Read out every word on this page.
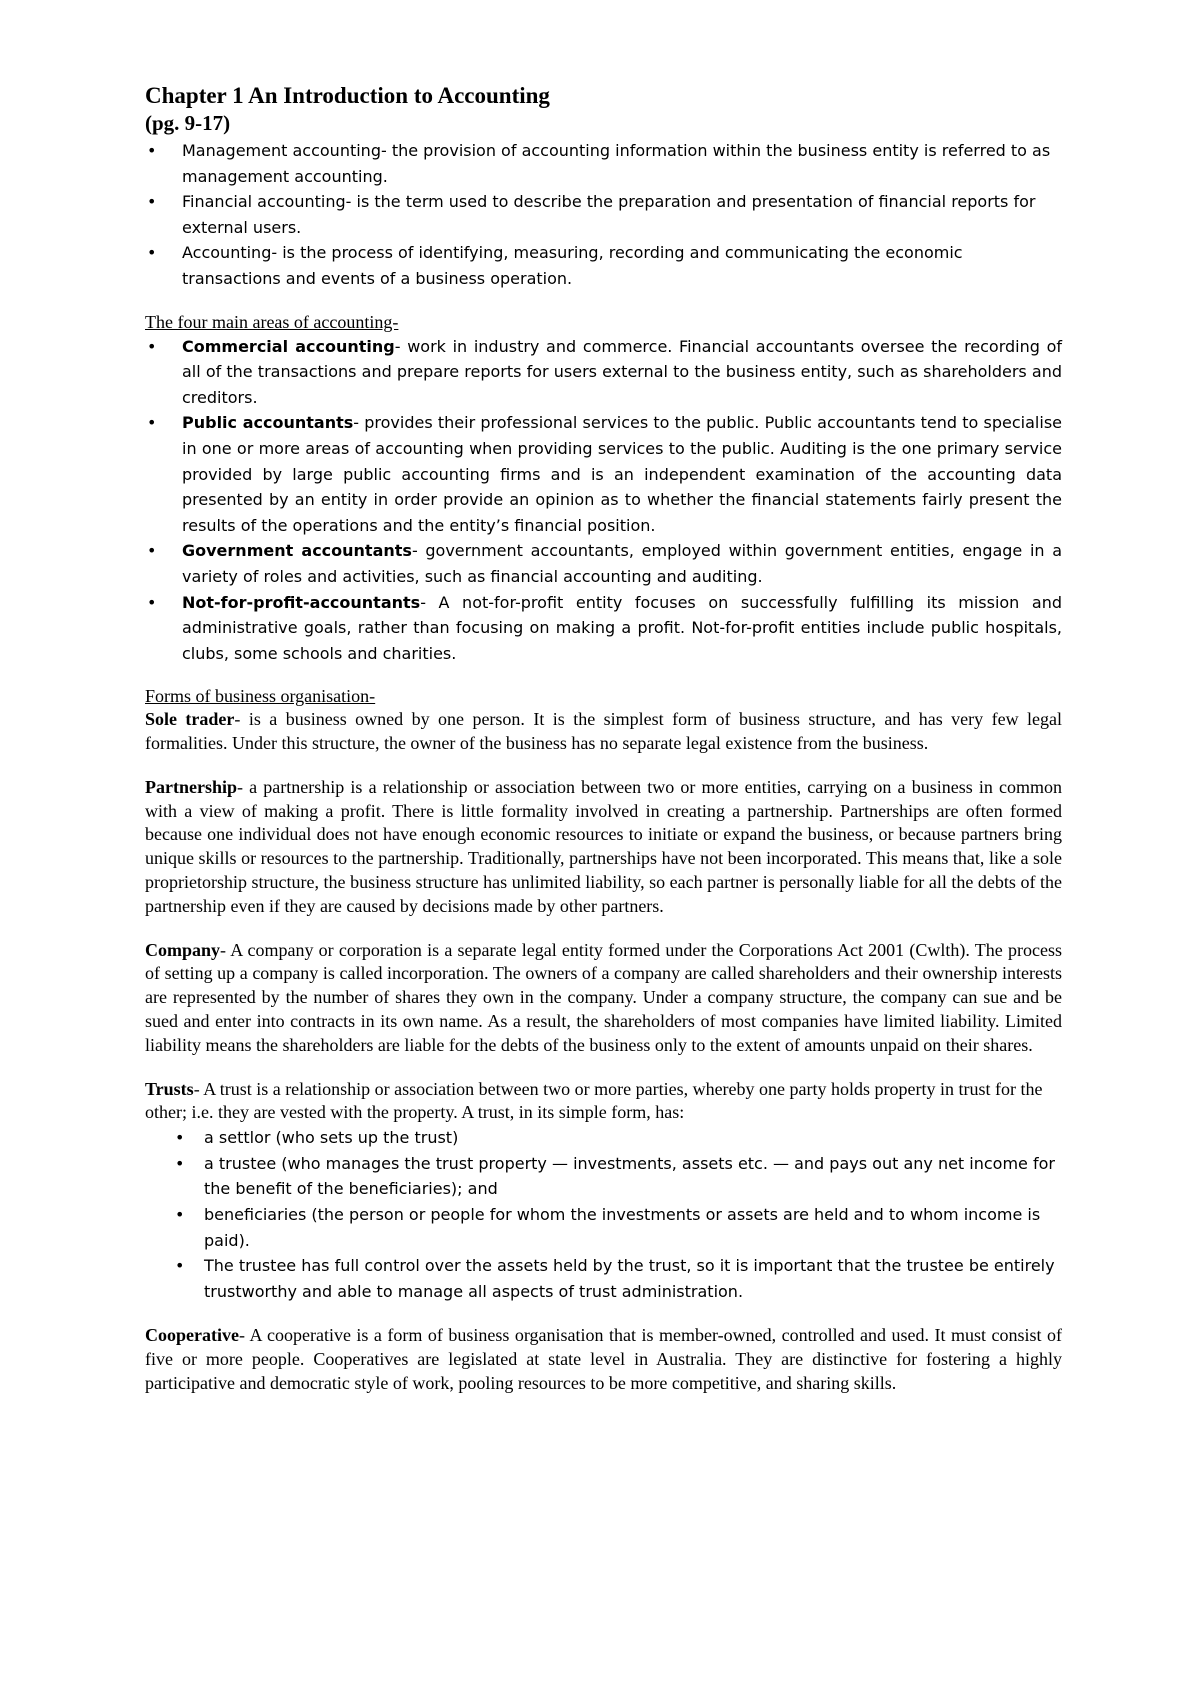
Chapter 1 An Introduction to Accounting
(pg. 9-17)
• Management accounting- the provision of accounting information within the business entity is referred to as management accounting.
• Financial accounting- is the term used to describe the preparation and presentation of financial reports for external users.
• Accounting- is the process of identifying, measuring, recording and communicating the economic transactions and events of a business operation.
The four main areas of accounting-
• Commercial accounting- work in industry and commerce. Financial accountants oversee the recording of all of the transactions and prepare reports for users external to the business entity, such as shareholders and creditors.
• Public accountants- provides their professional services to the public. Public accountants tend to specialise in one or more areas of accounting when providing services to the public. Auditing is the one primary service provided by large public accounting firms and is an independent examination of the accounting data presented by an entity in order provide an opinion as to whether the financial statements fairly present the results of the operations and the entity’s financial position.
• Government accountants- government accountants, employed within government entities, engage in a variety of roles and activities, such as financial accounting and auditing.
• Not-for-profit-accountants- A not-for-profit entity focuses on successfully fulfilling its mission and administrative goals, rather than focusing on making a profit. Not-for-profit entities include public hospitals, clubs, some schools and charities.
Forms of business organisation-

Sole trader- is a business owned by one person. It is the simplest form of business structure, and has very few legal formalities. Under this structure, the owner of the business has no separate legal existence from the business.

Partnership- a partnership is a relationship or association between two or more entities, carrying on a business in common with a view of making a profit. There is little formality involved in creating a partnership. Partnerships are often formed because one individual does not have enough economic resources to initiate or expand the business, or because partners bring unique skills or resources to the partnership. Traditionally, partnerships have not been incorporated. This means that, like a sole proprietorship structure, the business structure has unlimited liability, so each partner is personally liable for all the debts of the partnership even if they are caused by decisions made by other partners.

Company- A company or corporation is a separate legal entity formed under the Corporations Act 2001 (Cwlth). The process of setting up a company is called incorporation. The owners of a company are called shareholders and their ownership interests are represented by the number of shares they own in the company. Under a company structure, the company can sue and be sued and enter into contracts in its own name. As a result, the shareholders of most companies have limited liability. Limited liability means the shareholders are liable for the debts of the business only to the extent of amounts unpaid on their shares.

Trusts- A trust is a relationship or association between two or more parties, whereby one party holds property in trust for the other; i.e. they are vested with the property. A trust, in its simple form, has:

• a settlor (who sets up the trust)
• a trustee (who manages the trust property — investments, assets etc. — and pays out any net income for the benefit of the beneficiaries); and
• beneficiaries (the person or people for whom the investments or assets are held and to whom income is paid).
• The trustee has full control over the assets held by the trust, so it is important that the trustee be entirely trustworthy and able to manage all aspects of trust administration.

Cooperative- A cooperative is a form of business organisation that is member-owned, controlled and used. It must consist of five or more people. Cooperatives are legislated at state level in Australia. They are distinctive for fostering a highly participative and democratic style of work, pooling resources to be more competitive, and sharing skills.
